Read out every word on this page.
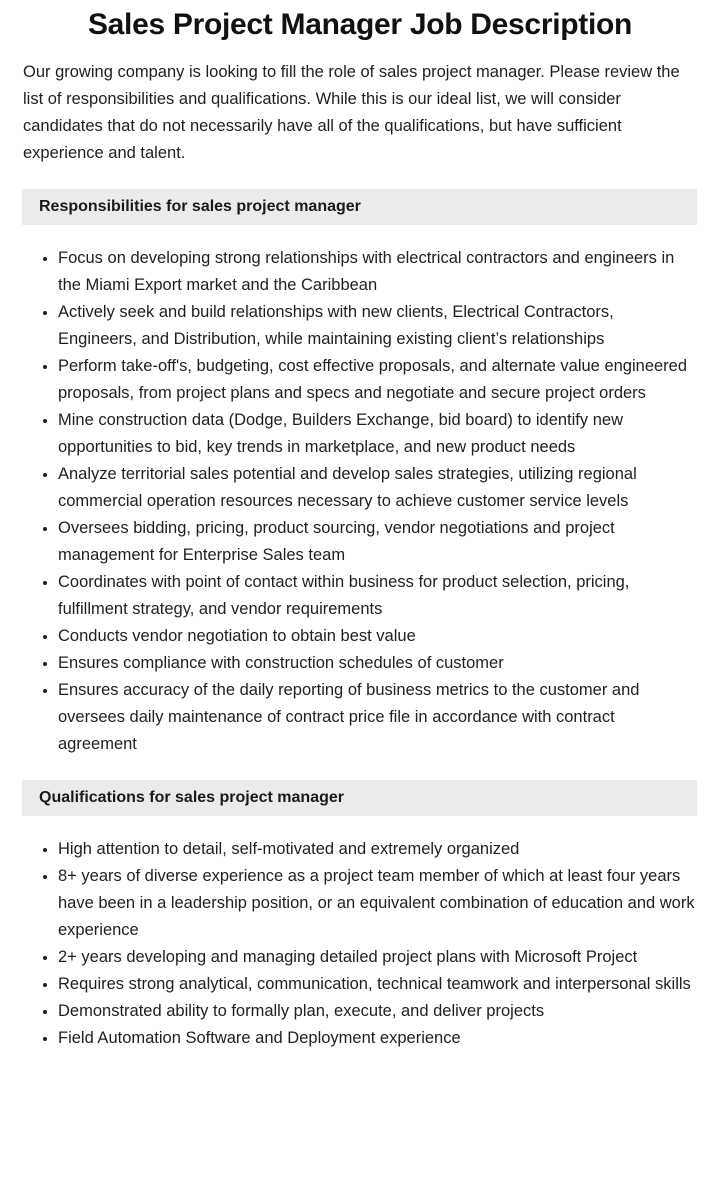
Sales Project Manager Job Description

Our growing company is looking to fill the role of sales project manager. Please review the list of responsibilities and qualifications. While this is our ideal list, we will consider candidates that do not necessarily have all of the qualifications, but have sufficient experience and talent.

Responsibilities for sales project manager
Focus on developing strong relationships with electrical contractors and engineers in the Miami Export market and the Caribbean
Actively seek and build relationships with new clients, Electrical Contractors, Engineers, and Distribution, while maintaining existing client’s relationships
Perform take-off's, budgeting, cost effective proposals, and alternate value engineered proposals, from project plans and specs and negotiate and secure project orders
Mine construction data (Dodge, Builders Exchange, bid board) to identify new opportunities to bid, key trends in marketplace, and new product needs
Analyze territorial sales potential and develop sales strategies, utilizing regional commercial operation resources necessary to achieve customer service levels
Oversees bidding, pricing, product sourcing, vendor negotiations and project management for Enterprise Sales team
Coordinates with point of contact within business for product selection, pricing, fulfillment strategy, and vendor requirements
Conducts vendor negotiation to obtain best value
Ensures compliance with construction schedules of customer
Ensures accuracy of the daily reporting of business metrics to the customer and oversees daily maintenance of contract price file in accordance with contract agreement
Qualifications for sales project manager
High attention to detail, self-motivated and extremely organized
8+ years of diverse experience as a project team member of which at least four years have been in a leadership position, or an equivalent combination of education and work experience
2+ years developing and managing detailed project plans with Microsoft Project
Requires strong analytical, communication, technical teamwork and interpersonal skills
Demonstrated ability to formally plan, execute, and deliver projects
Field Automation Software and Deployment experience
